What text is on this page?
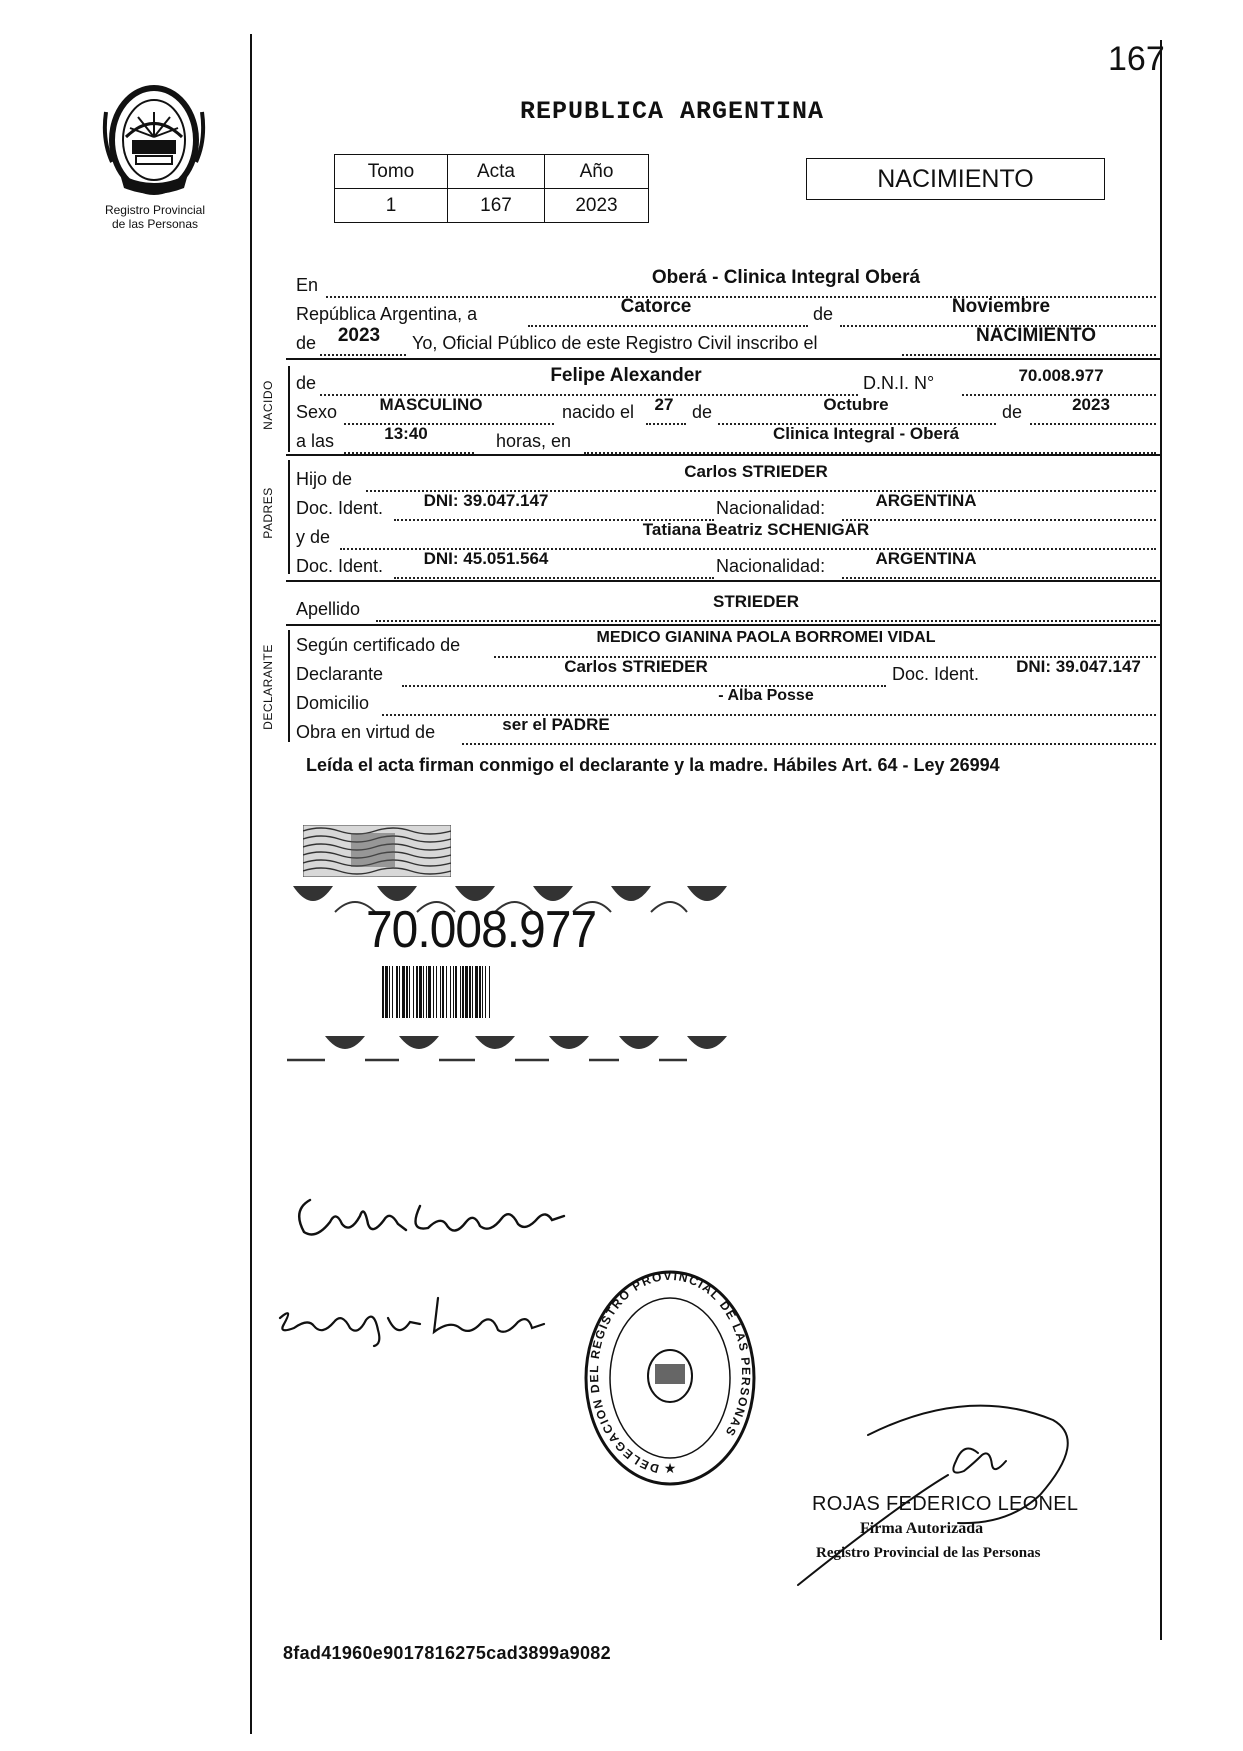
167
Registro Provincial
de las Personas
REPUBLICA ARGENTINA
Tomo	Acta	Año
1	167	2023
NACIMIENTO
En	Oberá - Clinica Integral Oberá
República Argentina, a	Catorce	de	Noviembre
de	2023	Yo, Oficial Público de este Registro Civil inscribo el	NACIMIENTO
NACIDO de	Felipe Alexander	D.N.I. N°	70.008.977
Sexo	MASCULINO	nacido el	27	de	Octubre	de	2023
a las	13:40	horas, en	Clinica Integral - Oberá
PADRES
Hijo de	Carlos STRIEDER
Doc. Ident.	DNI: 39.047.147	Nacionalidad:	ARGENTINA
y de	Tatiana Beatriz SCHENIGAR
Doc. Ident.	DNI: 45.051.564	Nacionalidad:	ARGENTINA
Apellido	STRIEDER
DECLARANTE Según certificado de	MEDICO GIANINA PAOLA BORROMEI VIDAL
Declarante	Carlos STRIEDER	Doc. Ident.	DNI: 39.047.147
Domicilio	- Alba Posse
Obra en virtud de	ser el PADRE
Leída el acta firman conmigo el declarante y la madre. Hábiles Art. 64 - Ley 26994
70.008.977
DELEGACION DEL REGISTRO PROVINCIAL DE LAS PERSONAS
★
ROJAS FEDERICO LEONEL
Firma Autorizada
Registro Provincial de las Personas
8fad41960e9017816275cad3899a9082
